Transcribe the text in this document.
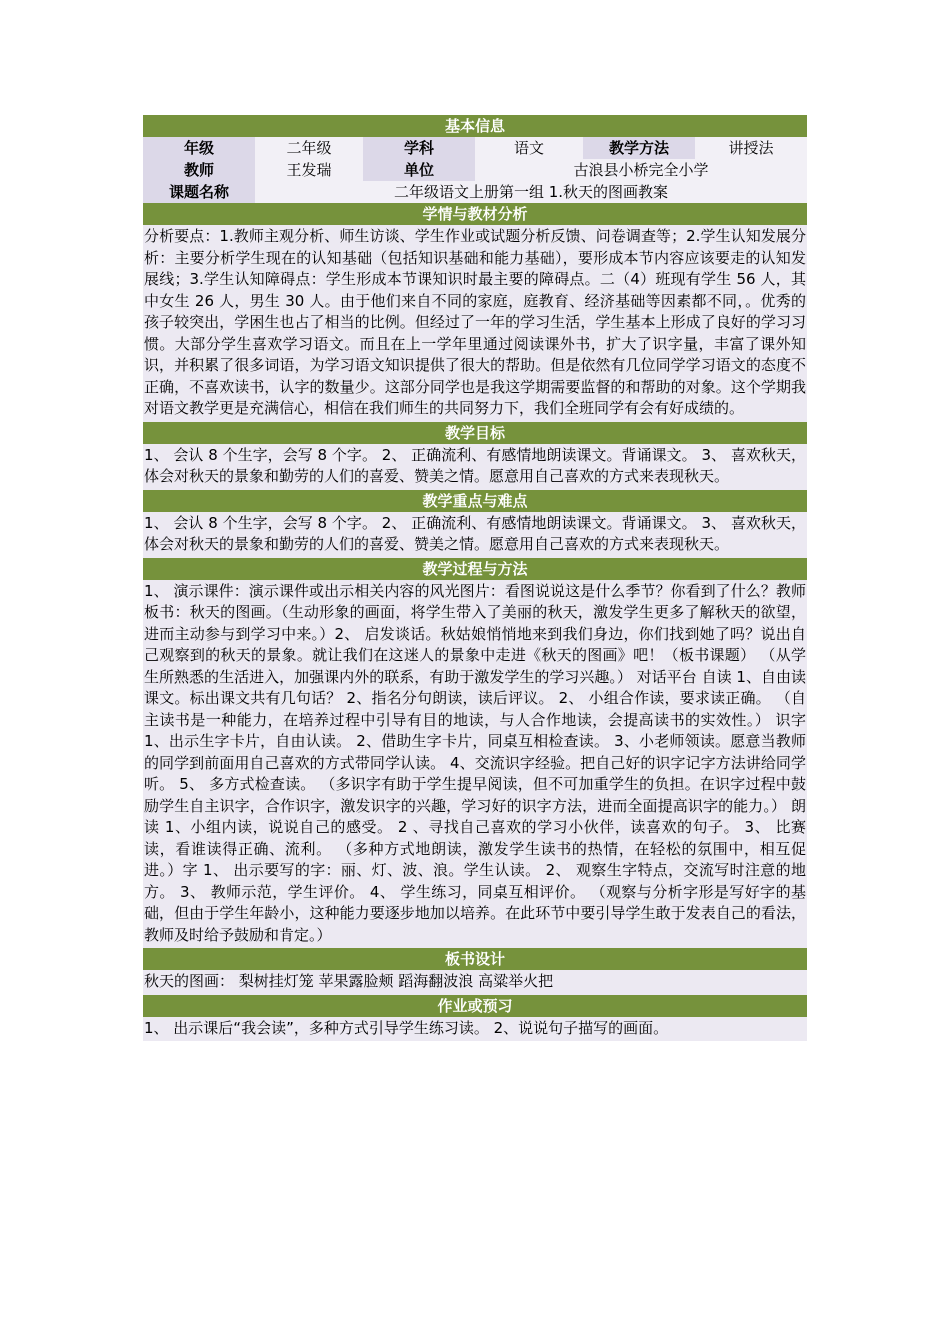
基本信息
年级	二年级	学科	语文	教学方法	讲授法
教师	王发瑞	单位	古浪县小桥完全小学
课题名称	二年级语文上册第一组 1.秋天的图画教案
学情与教材分析
分析要点：1.教师主观分析、师生访谈、学生作业或试题分析反馈、问卷调查等；2.学生认知发展分析：主要分析学生现在的认知基础（包括知识基础和能力基础），要形成本节内容应该要走的认知发展线；3.学生认知障碍点：学生形成本节课知识时最主要的障碍点。二（4）班现有学生 56 人，其中女生 26 人，男生 30 人。由于他们来自不同的家庭，庭教育、经济基础等因素都不同，。优秀的孩子较突出，学困生也占了相当的比例。但经过了一年的学习生活，学生基本上形成了良好的学习习惯。大部分学生喜欢学习语文。而且在上一学年里通过阅读课外书，扩大了识字量，丰富了课外知识，并积累了很多词语，为学习语文知识提供了很大的帮助。但是依然有几位同学学习语文的态度不正确，不喜欢读书，认字的数量少。这部分同学也是我这学期需要监督的和帮助的对象。这个学期我对语文教学更是充满信心，相信在我们师生的共同努力下，我们全班同学有会有好成绩的。
教学目标
1、 会认 8 个生字，会写 8 个字。 2、 正确流利、有感情地朗读课文。背诵课文。 3、 喜欢秋天，体会对秋天的景象和勤劳的人们的喜爱、赞美之情。愿意用自己喜欢的方式来表现秋天。
教学重点与难点
1、 会认 8 个生字，会写 8 个字。 2、 正确流利、有感情地朗读课文。背诵课文。 3、 喜欢秋天，体会对秋天的景象和勤劳的人们的喜爱、赞美之情。愿意用自己喜欢的方式来表现秋天。
教学过程与方法
1、 演示课件：演示课件或出示相关内容的风光图片：看图说说这是什么季节？你看到了什么？教师板书：秋天的图画。（生动形象的画面，将学生带入了美丽的秋天，激发学生更多了解秋天的欲望，进而主动参与到学习中来。）2、 启发谈话。秋姑娘悄悄地来到我们身边，你们找到她了吗？说出自己观察到的秋天的景象。就让我们在这迷人的景象中走进《秋天的图画》吧！（板书课题） （从学生所熟悉的生活进入，加强课内外的联系，有助于激发学生的学习兴趣。） 对话平台 自读 1、自由读课文。标出课文共有几句话？ 2、指名分句朗读，读后评议。 2、 小组合作读，要求读正确。 （自主读书是一种能力，在培养过程中引导有目的地读，与人合作地读，会提高读书的实效性。） 识字 1、出示生字卡片，自由认读。 2、借助生字卡片，同桌互相检查读。 3、小老师领读。愿意当教师的同学到前面用自己喜欢的方式带同学认读。 4、交流识字经验。把自己好的识字记字方法讲给同学听。 5、 多方式检查读。 （多识字有助于学生提早阅读，但不可加重学生的负担。在识字过程中鼓励学生自主识字，合作识字，激发识字的兴趣，学习好的识字方法，进而全面提高识字的能力。） 朗读 1、小组内读，说说自己的感受。 2 、寻找自己喜欢的学习小伙伴，读喜欢的句子。 3、 比赛读，看谁读得正确、流利。 （多种方式地朗读，激发学生读书的热情，在轻松的氛围中，相互促进。）字 1、 出示要写的字：丽、灯、波、浪。学生认读。 2、 观察生字特点，交流写时注意的地方。 3、 教师示范，学生评价。 4、 学生练习，同桌互相评价。 （观察与分析字形是写好字的基础，但由于学生年龄小，这种能力要逐步地加以培养。在此环节中要引导学生敢于发表自己的看法，教师及时给予鼓励和肯定。）
板书设计
秋天的图画： 梨树挂灯笼 苹果露脸颊 蹈海翻波浪 高粱举火把
作业或预习
1、 出示课后“我会读”，多种方式引导学生练习读。 2、说说句子描写的画面。
